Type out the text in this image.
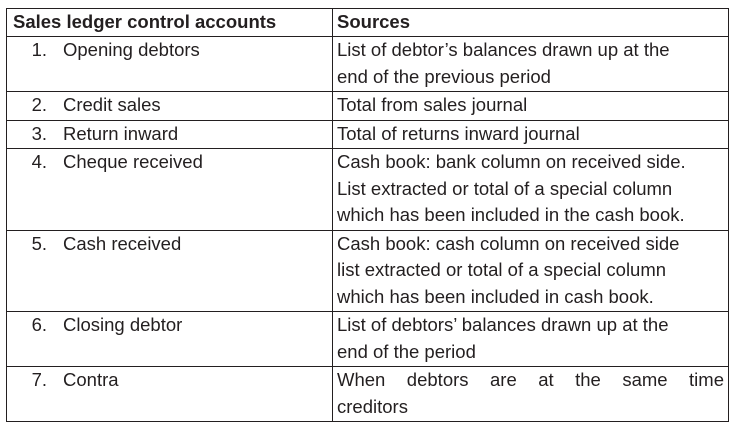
Sales ledger control accounts	Sources
1. Opening debtors	List of debtor’s balances drawn up at the
end of the previous period

2. Credit sales	Total from sales journal

3. Return inward	Total of returns inward journal

4. Cheque received	Cash book: bank column on received side.
List extracted or total of a special column
which has been included in the cash book.

5. Cash received	Cash book: cash column on received side
list extracted or total of a special column
which has been included in cash book.

6. Closing debtor	List of debtors’ balances drawn up at the
end of the period

7. Contra	When debtors are at the same time
creditors
